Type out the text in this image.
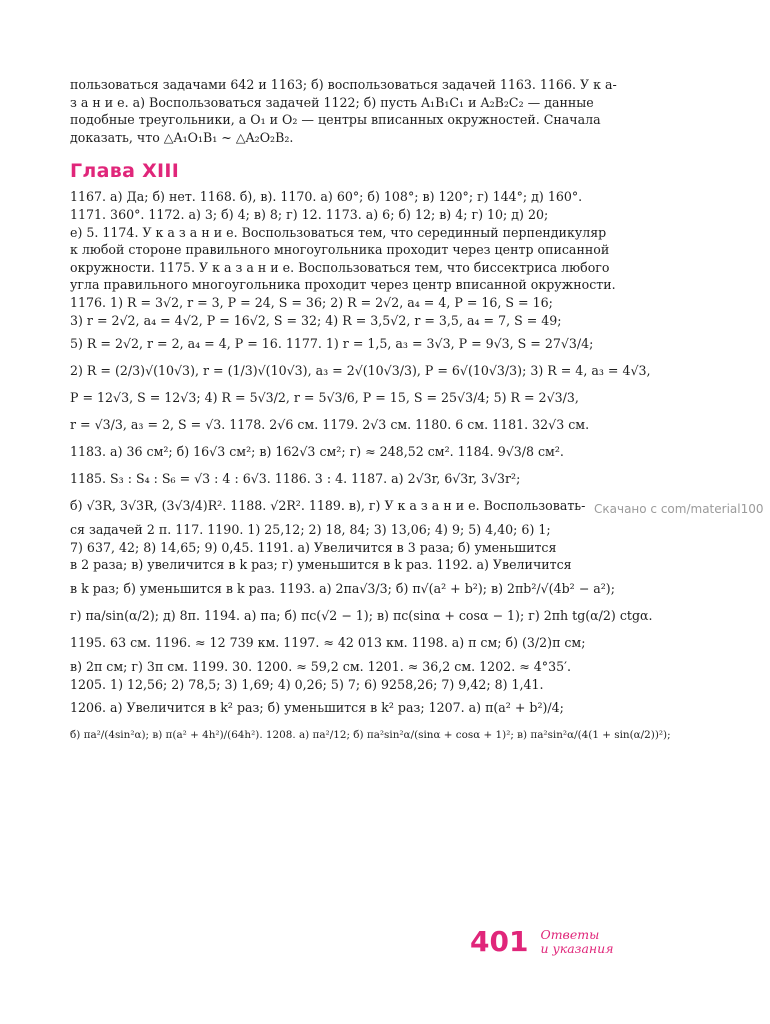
пользоваться задачами 642 и 1163; б) воспользоваться задачей 1163. 1166. У к а-

з а н и е. а) Воспользоваться задачей 1122; б) пусть A₁B₁C₁ и A₂B₂C₂ — данные

подобные треугольники, а O₁ и O₂ — центры вписанных окружностей. Сначала

доказать, что △A₁O₁B₁ ~ △A₂O₂B₂.

Глава XIII

1167. а) Да; б) нет. 1168. б), в). 1170. а) 60°; б) 108°; в) 120°; г) 144°; д) 160°.

1171. 360°. 1172. а) 3; б) 4; в) 8; г) 12. 1173. а) 6; б) 12; в) 4; г) 10; д) 20;

е) 5. 1174. У к а з а н и е. Воспользоваться тем, что серединный перпендикуляр

к любой стороне правильного многоугольника проходит через центр описанной

окружности. 1175. У к а з а н и е. Воспользоваться тем, что биссектриса любого

угла правильного многоугольника проходит через центр вписанной окружности.

1176. 1) R = 3√2, r = 3, P = 24, S = 36; 2) R = 2√2, a₄ = 4, P = 16, S = 16;

3) r = 2√2, a₄ = 4√2, P = 16√2, S = 32; 4) R = 3,5√2, r = 3,5, a₄ = 7, S = 49;

5) R = 2√2, r = 2, a₄ = 4, P = 16. 1177. 1) r = 1,5, a₃ = 3√3, P = 9√3, S = 27√3/4;

2) R = (2/3)√(10√3), r = (1/3)√(10√3), a₃ = 2√(10√3/3), P = 6√(10√3/3); 3) R = 4, a₃ = 4√3,

P = 12√3, S = 12√3; 4) R = 5√3/2, r = 5√3/6, P = 15, S = 25√3/4; 5) R = 2√3/3,

r = √3/3, a₃ = 2, S = √3. 1178. 2√6 см. 1179. 2√3 см. 1180. 6 см. 1181. 32√3 см.

1183. а) 36 см²; б) 16√3 см²; в) 162√3 см²; г) ≈ 248,52 см². 1184. 9√3/8 см².

1185. S₃ : S₄ : S₆ = √3 : 4 : 6√3. 1186. 3 : 4. 1187. а) 2√3r, 6√3r, 3√3r²;

б) √3R, 3√3R, (3√3/4)R². 1188. √2R². 1189. в), г) У к а з а н и е. Воспользовать-

ся задачей 2 п. 117. 1190. 1) 25,12; 2) 18, 84; 3) 13,06; 4) 9; 5) 4,40; 6) 1;

7) 637, 42; 8) 14,65; 9) 0,45. 1191. а) Увеличится в 3 раза; б) уменьшится

в 2 раза; в) увеличится в k раз; г) уменьшится в k раз. 1192. а) Увеличится

в k раз; б) уменьшится в k раз. 1193. а) 2πa√3/3; б) π√(a² + b²); в) 2πb²/√(4b² − a²);

г) πa/sin(α/2); д) 8π. 1194. а) πa; б) πc(√2 − 1); в) πc(sinα + cosα − 1); г) 2πh tg(α/2) ctgα.

1195. 63 см. 1196. ≈ 12 739 км. 1197. ≈ 42 013 км. 1198. а) π см; б) (3/2)π см;

в) 2π см; г) 3π см. 1199. 30. 1200. ≈ 59,2 см. 1201. ≈ 36,2 см. 1202. ≈ 4°35′.

1205. 1) 12,56; 2) 78,5; 3) 1,69; 4) 0,26; 5) 7; 6) 9258,26; 7) 9,42; 8) 1,41.

1206. а) Увеличится в k² раз; б) уменьшится в k² раз; 1207. а) π(a² + b²)/4;

б) πa²/(4sin²α); в) π(a² + 4h²)/(64h²). 1208. а) πa²/12; б) πa²sin²α/(sinα + cosα + 1)²; в) πa²sin²α/(4(1 + sin(α/2))²);

Скачано с com/material100
401 Ответы
и указания
